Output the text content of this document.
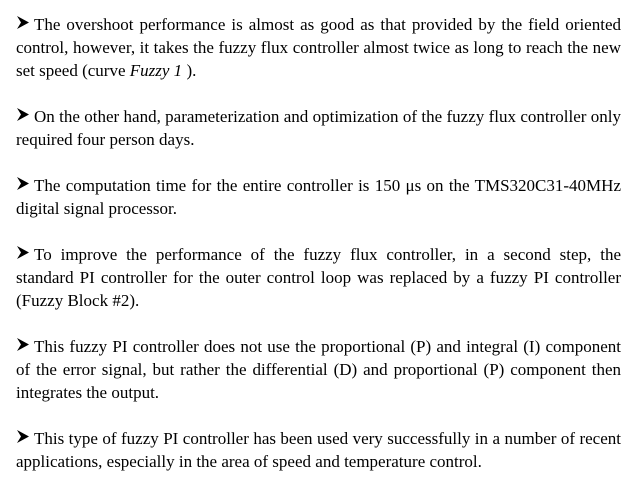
The overshoot performance is almost as good as that provided by the field oriented control, however, it takes the fuzzy flux controller almost twice as long to reach the new set speed (curve Fuzzy 1 ).

On the other hand, parameterization and optimization of the fuzzy flux controller only required four person days.

The computation time for the entire controller is 150 μs on the TMS320C31-40MHz digital signal processor.

To improve the performance of the fuzzy flux controller, in a second step, the standard PI controller for the outer control loop was replaced by a fuzzy PI controller (Fuzzy Block #2).

This fuzzy PI controller does not use the proportional (P) and integral (I) component of the error signal, but rather the differential (D) and proportional (P) component then integrates the output.

This type of fuzzy PI controller has been used very successfully in a number of recent applications, especially in the area of speed and temperature control.
